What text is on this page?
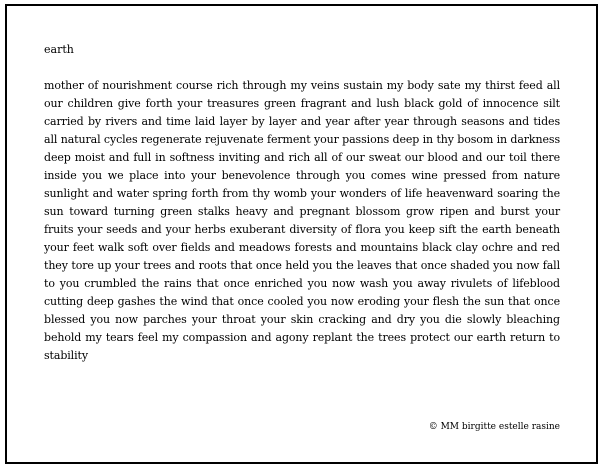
earth

mother of nourishment course rich through my veins sustain my body sate my thirst feed all our children give forth your treasures green fragrant and lush black gold of innocence silt carried by rivers and time laid layer by layer and year after year through seasons and tides all natural cycles regenerate rejuvenate ferment your passions deep in thy bosom in darkness deep moist and full in softness inviting and rich all of our sweat our blood and our toil there inside you we place into your benevolence through you comes wine pressed from nature sunlight and water spring forth from thy womb your wonders of life heavenward soaring the sun toward turning green stalks heavy and pregnant blossom grow ripen and burst your fruits your seeds and your herbs exuberant diversity of flora you keep sift the earth beneath your feet walk soft over fields and meadows forests and mountains black clay ochre and red they tore up your trees and roots that once held you the leaves that once shaded you now fall to you crumbled the rains that once enriched you now wash you away rivulets of lifeblood cutting deep gashes the wind that once cooled you now eroding your flesh the sun that once blessed you now parches your throat your skin cracking and dry you die slowly bleaching behold my tears feel my compassion and agony replant the trees protect our earth return to stability

© MM birgitte estelle rasine
